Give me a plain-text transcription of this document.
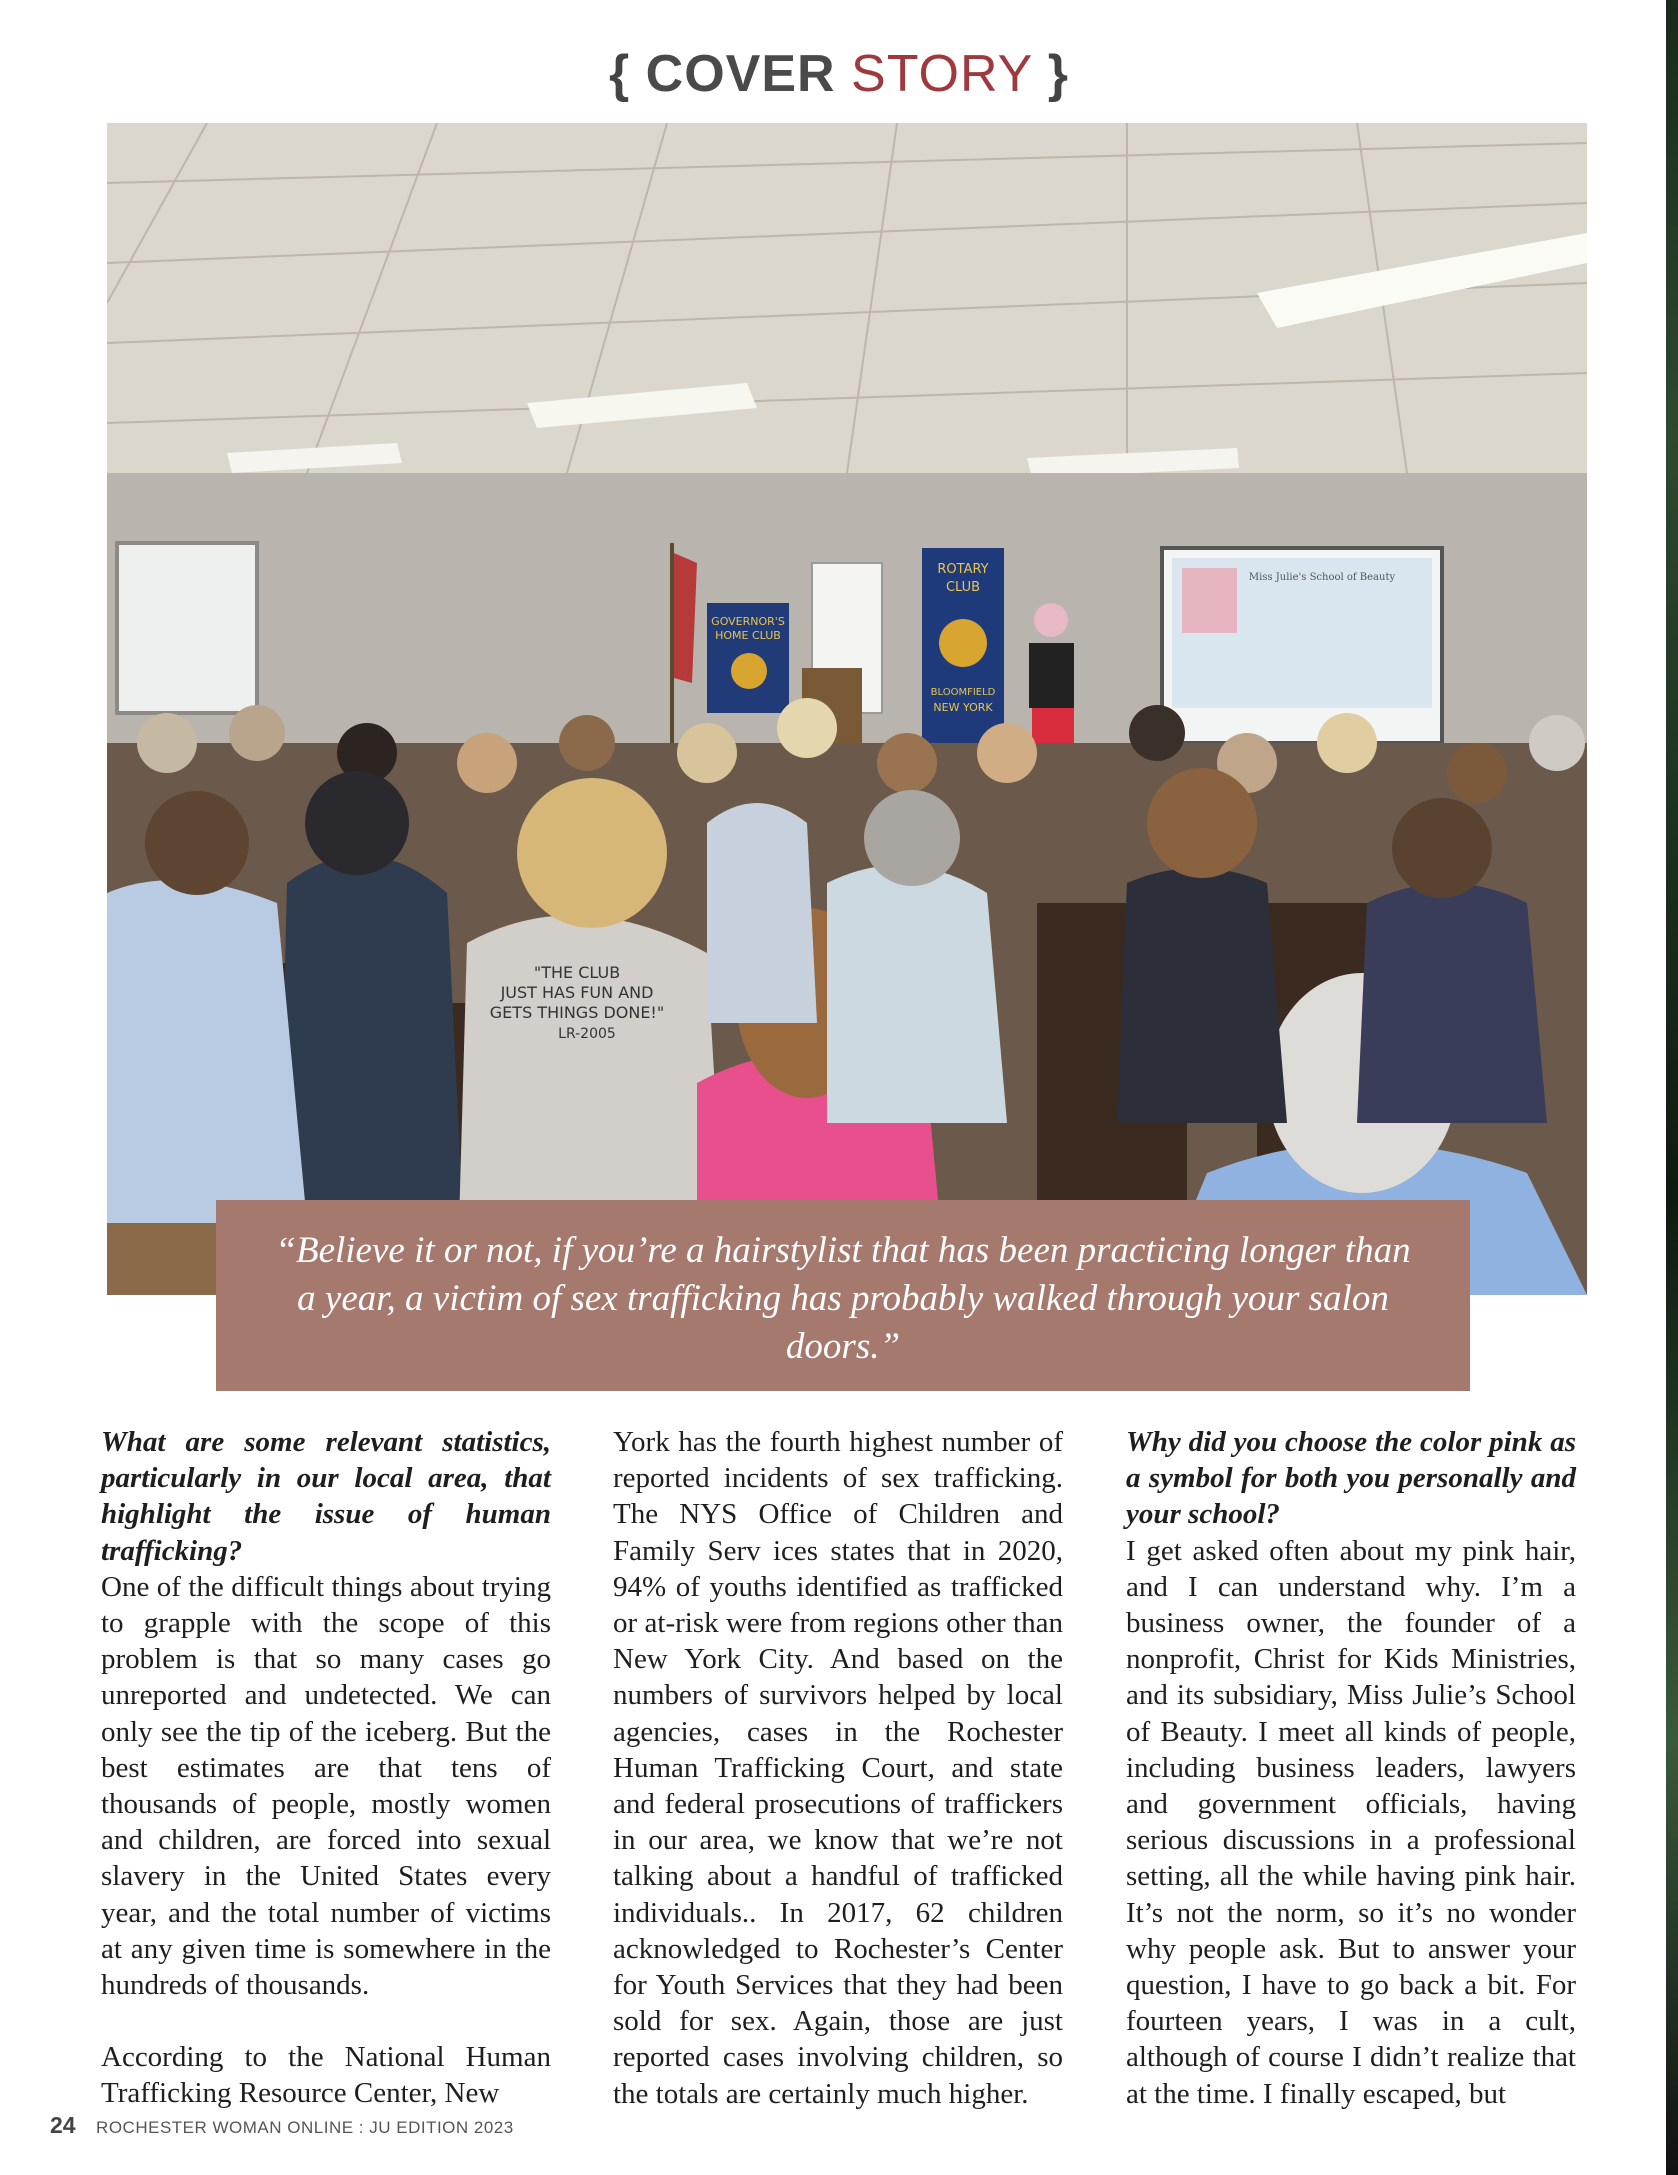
{ COVER STORY }
GOVERNOR'S
HOME CLUB
ROTARY
CLUB
BLOOMFIELD
NEW YORK
Miss Julie's School of Beauty
"THE CLUB
JUST HAS FUN AND
GETS THINGS DONE!"
LR-2005
“Believe it or not, if you’re a hairstylist that has been practicing longer than a year, a victim of sex trafficking has probably walked through your salon doors.”

What are some relevant statistics, particularly in our local area, that highlight the issue of human trafficking?

One of the difficult things about trying to grapple with the scope of this problem is that so many cases go unreported and undetected. We can only see the tip of the iceberg. But the best estimates are that tens of thousands of people, mostly women and children, are forced into sexual slavery in the United States every year, and the total number of victims at any given time is somewhere in the hundreds of thousands.

According to the National Human Trafficking Resource Center, New

York has the fourth highest number of reported incidents of sex trafficking. The NYS Office of Children and Family Serv ices states that in 2020, 94% of youths identified as trafficked or at-risk were from regions other than New York City. And based on the numbers of survivors helped by local agencies, cases in the Rochester Human Trafficking Court, and state and federal prosecutions of traffickers in our area, we know that we’re not talking about a handful of trafficked individuals.. In 2017, 62 children acknowledged to Rochester’s Center for Youth Services that they had been sold for sex. Again, those are just reported cases involving children, so the totals are certainly much higher.

Why did you choose the color pink as a symbol for both you personally and your school?

I get asked often about my pink hair, and I can understand why. I’m a business owner, the founder of a nonprofit, Christ for Kids Ministries, and its subsidiary, Miss Julie’s School of Beauty. I meet all kinds of people, including business leaders, lawyers and government officials, having serious discussions in a professional setting, all the while having pink hair. It’s not the norm, so it’s no wonder why people ask. But to answer your question, I have to go back a bit. For fourteen years, I was in a cult, although of course I didn’t realize that at the time. I finally escaped, but

24 ROCHESTER WOMAN ONLINE : JU EDITION 2023
